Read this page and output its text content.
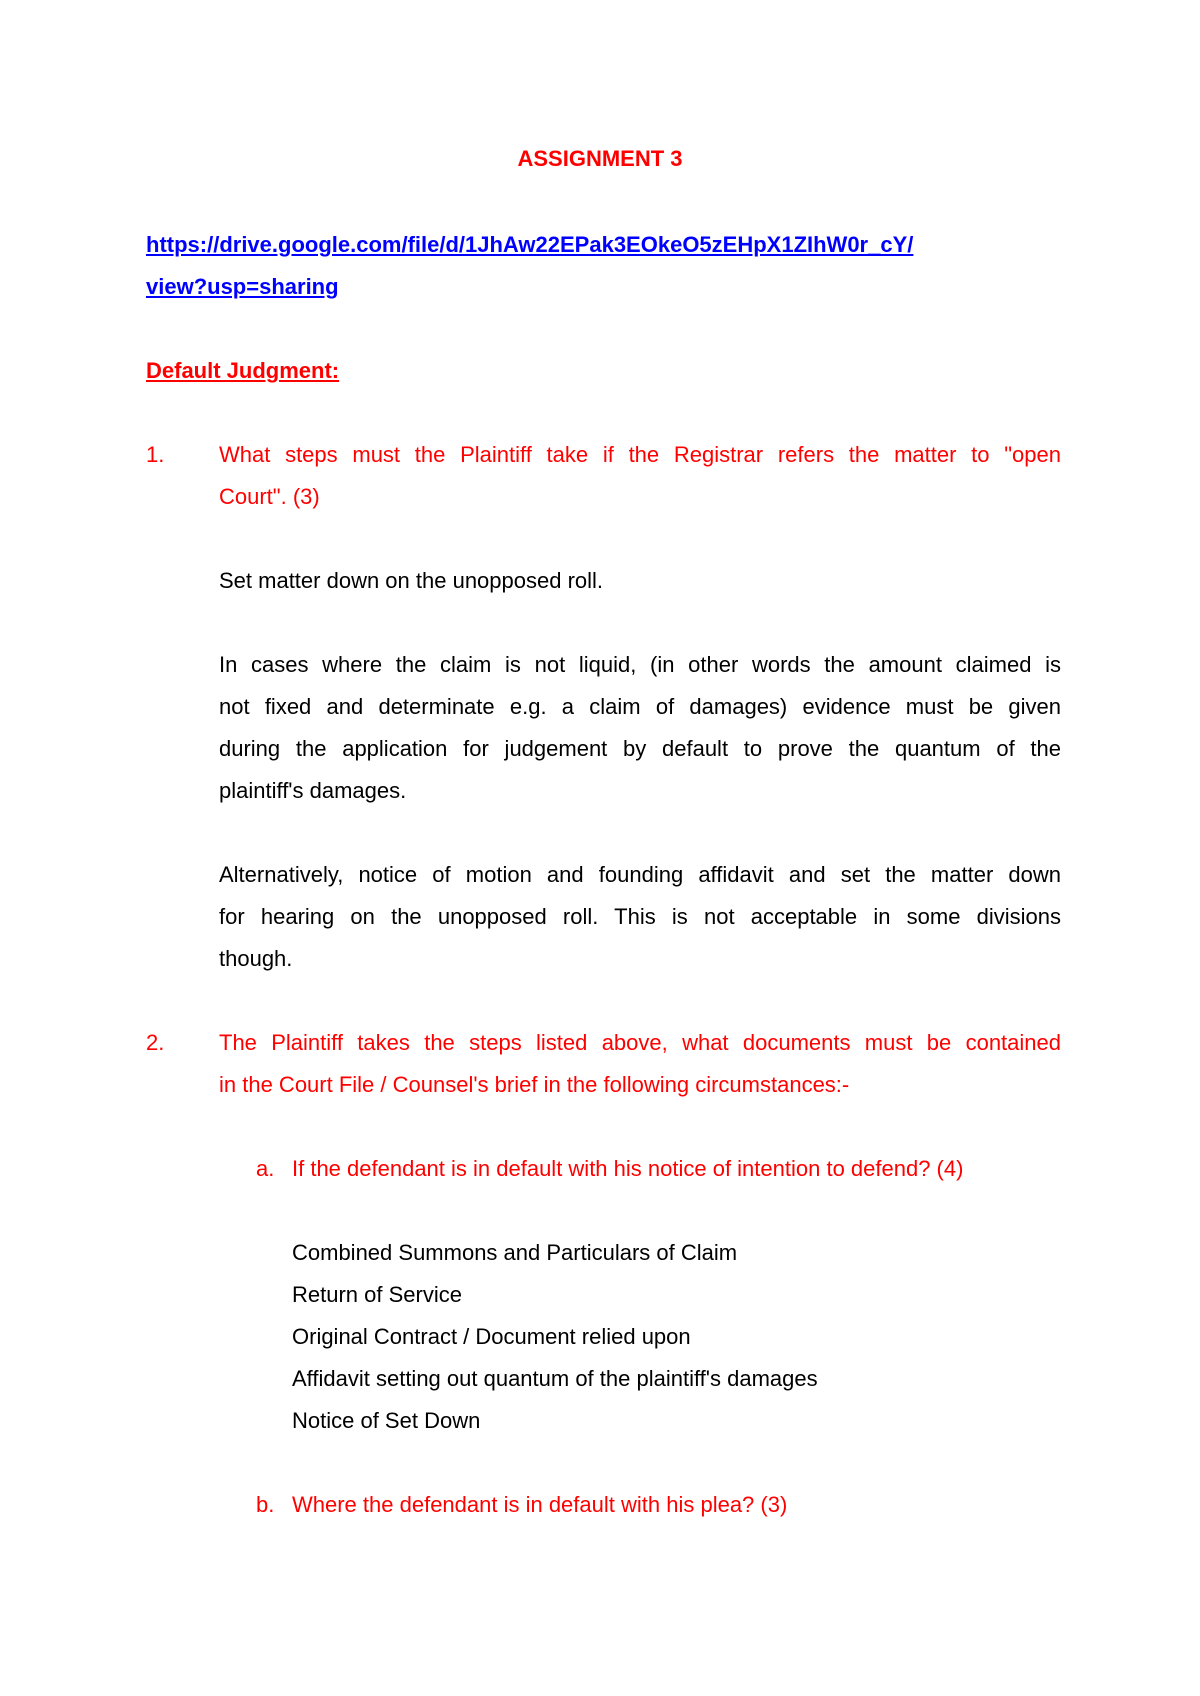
ASSIGNMENT 3
https://drive.google.com/file/d/1JhAw22EPak3EOkeO5zEHpX1ZIhW0r_cY/
view?usp=sharing
Default Judgment:
1. What steps must the Plaintiff take if the Registrar refers the matter to "open
Court". (3)
Set matter down on the unopposed roll.
In cases where the claim is not liquid, (in other words the amount claimed is
not fixed and determinate e.g. a claim of damages) evidence must be given
during the application for judgement by default to prove the quantum of the
plaintiff's damages.
Alternatively, notice of motion and founding affidavit and set the matter down
for hearing on the unopposed roll. This is not acceptable in some divisions
though.
2. The Plaintiff takes the steps listed above, what documents must be contained
in the Court File / Counsel's brief in the following circumstances:-
a. If the defendant is in default with his notice of intention to defend? (4)
Combined Summons and Particulars of Claim
Return of Service
Original Contract / Document relied upon
Affidavit setting out quantum of the plaintiff's damages
Notice of Set Down
b. Where the defendant is in default with his plea? (3)
